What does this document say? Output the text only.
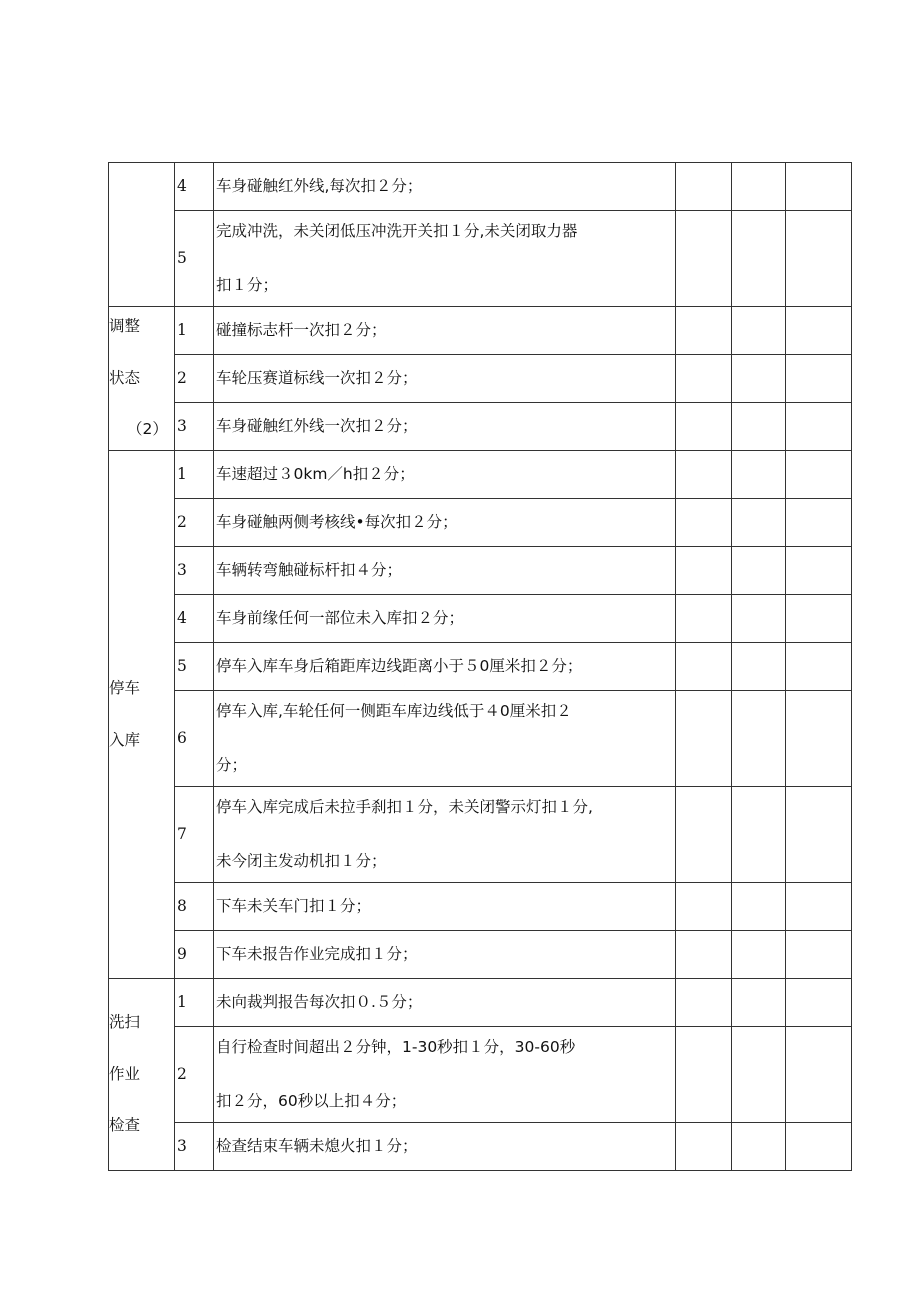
	4	车身碰触红外线,每次扣２分；			

	5	完成冲洗，未关闭低压冲洗开关扣１分,未关闭取力器
扣１分；			

调整
状态
（2）	1	碰撞标志杆一次扣２分；			

	2	车轮压赛道标线一次扣２分；			

	3	车身碰触红外线一次扣２分；			

停车
入库	1	车速超过３0km／h扣２分；			

	2	车身碰触两侧考核线•每次扣２分；			

	3	车辆转弯触碰标杆扣４分；			

	4	车身前缘任何一部位未入库扣２分；			

	5	停车入库车身后箱距库边线距离小于５0厘米扣２分；			

	6	停车入库,车轮任何一侧距车库边线低于４0厘米扣２
分；			

	7	停车入库完成后未拉手刹扣１分，未关闭警示灯扣１分,
未今闭主发动机扣１分；			

	8	下车未关车门扣１分；			

	9	下车未报告作业完成扣１分；			

洗扫
作业
检查	1	未向裁判报告每次扣０.５分；			

	2	自行检查时间超出２分钟，1-30秒扣１分，30-60秒
扣２分，60秒以上扣４分；			

	3	检查结束车辆未熄火扣１分；			
